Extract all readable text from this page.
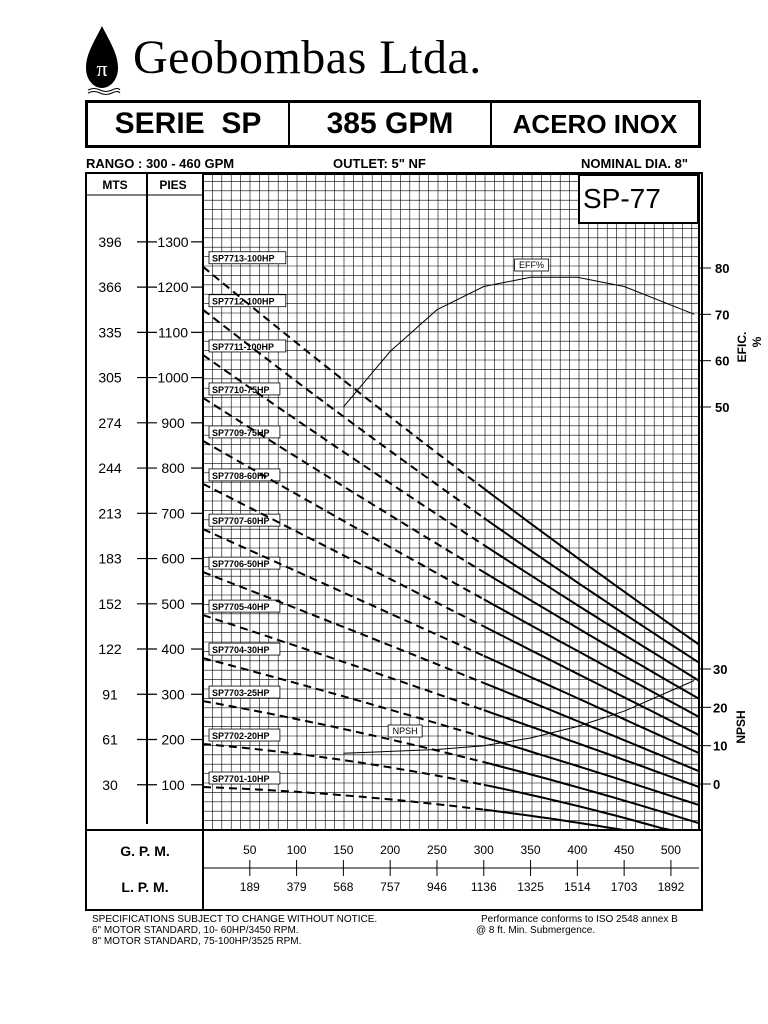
π Geobombas Ltda.
SERIE  SP	385 GPM	ACERO INOX
RANGO : 300 - 460 GPM	OUTLET: 5" NF	NOMINAL DIA. 8"
SP-77
MTS	PIES
396	1300
366	1200
335	1100
305	1000
274	900
244	800
213	700
183	600
152	500
122	400
91	300
61	200
30	100
80
70
60
50
EFIC. %
30
20
10
0
NPSH
SP7701-10HP
SP7702-20HP
SP7703-25HP
SP7704-30HP
SP7705-40HP
SP7706-50HP
SP7707-60HP
SP7708-60HP
SP7709-75HP
SP7710-75HP
SP7711-100HP
SP7712-100HP
SP7713-100HP
EFF%
NPSH
G. P. M.
L. P. M.
50
189
100
379
150
568
200
757
250
946
300
1136
350
1325
400
1514
450
1703
500
1892
SPECIFICATIONS SUBJECT TO CHANGE WITHOUT NOTICE.
6" MOTOR STANDARD, 10- 60HP/3450 RPM.
8" MOTOR STANDARD, 75-100HP/3525 RPM.
Performance conforms to ISO 2548 annex B
@ 8 ft. Min. Submergence.
